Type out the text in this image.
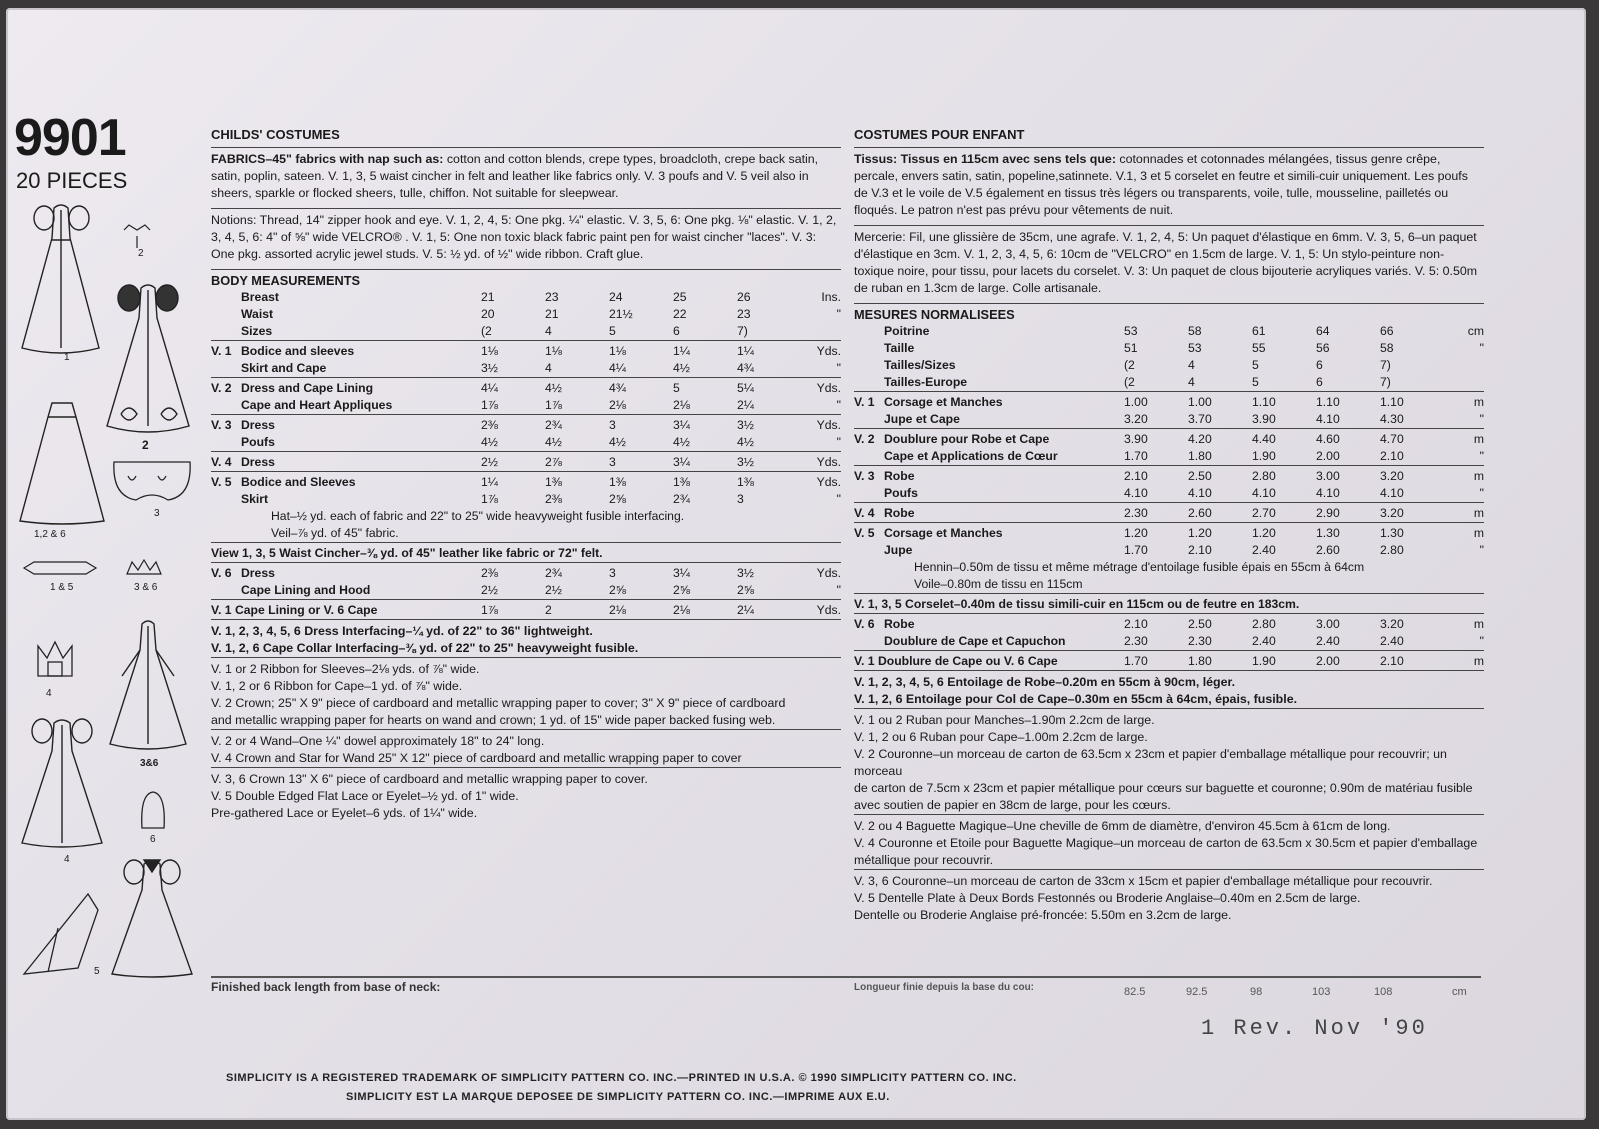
9901
20 PIECES
1
2
2
1,2 & 6
3
1 & 5	3 & 6
4
3&6
6
4
5
CHILDS' COSTUMES
FABRICS–45" fabrics with nap such as: cotton and cotton blends, crepe types, broadcloth, crepe back satin, satin, poplin, sateen. V. 1, 3, 5 waist cincher in felt and leather like fabrics only. V. 3 poufs and V. 5 veil also in sheers, sparkle or flocked sheers, tulle, chiffon. Not suitable for sleepwear.
Notions: Thread, 14" zipper hook and eye. V. 1, 2, 4, 5: One pkg. ¼" elastic. V. 3, 5, 6: One pkg. ⅛" elastic. V. 1, 2, 3, 4, 5, 6: 4" of ⅝" wide VELCRO® . V. 1, 5: One non toxic black fabric paint pen for waist cincher "laces". V. 3: One pkg. assorted acrylic jewel studs. V. 5: ½ yd. of ½" wide ribbon. Craft glue.
BODY MEASUREMENTS
	Breast	21	23	24	25	26	Ins.
	Waist	20	21	21½	22	23	"
	Sizes	(2	4	5	6	7)	
V. 1	Bodice and sleeves	1⅛	1⅛	1⅛	1¼	1¼	Yds.
	Skirt and Cape	3½	4	4¼	4½	4¾	"
V. 2	Dress and Cape Lining	4¼	4½	4¾	5	5¼	Yds.
	Cape and Heart Appliques	1⅞	1⅞	2⅛	2⅛	2¼	"
V. 3	Dress	2⅜	2¾	3	3¼	3½	Yds.
	Poufs	4½	4½	4½	4½	4½	"
V. 4	Dress	2½	2⅞	3	3¼	3½	Yds.
V. 5	Bodice and Sleeves	1¼	1⅜	1⅜	1⅜	1⅜	Yds.
	Skirt	1⅞	2⅜	2⅝	2¾	3	"
	Hat–½ yd. each of fabric and 22" to 25" wide heavyweight fusible interfacing.						
	Veil–⅞ yd. of 45" fabric.						
View 1, 3, 5 Waist Cincher–⅜ yd. of 45" leather like fabric or 72" felt.							
V. 6	Dress	2⅜	2¾	3	3¼	3½	Yds.
	Cape Lining and Hood	2½	2½	2⅝	2⅝	2⅝	"
V. 1 Cape Lining or V. 6 Cape		1⅞	2	2⅛	2⅛	2¼	Yds.
V. 1, 2, 3, 4, 5, 6 Dress Interfacing–¼ yd. of 22" to 36" lightweight.
V. 1, 2, 6 Cape Collar Interfacing–⅜ yd. of 22" to 25" heavyweight fusible.
V. 1 or 2 Ribbon for Sleeves–2⅛ yds. of ⅞" wide.
V. 1, 2 or 6 Ribbon for Cape–1 yd. of ⅞" wide.
V. 2 Crown; 25" X 9" piece of cardboard and metallic wrapping paper to cover; 3" X 9" piece of cardboard
and metallic wrapping paper for hearts on wand and crown; 1 yd. of 15" wide paper backed fusing web.
V. 2 or 4 Wand–One ¼" dowel approximately 18" to 24" long.
V. 4 Crown and Star for Wand 25" X 12" piece of cardboard and metallic wrapping paper to cover
V. 3, 6 Crown 13" X 6" piece of cardboard and metallic wrapping paper to cover.
V. 5 Double Edged Flat Lace or Eyelet–½ yd. of 1" wide.
Pre-gathered Lace or Eyelet–6 yds. of 1¼" wide.
COSTUMES POUR ENFANT
Tissus: Tissus en 115cm avec sens tels que: cotonnades et cotonnades mélangées, tissus genre crêpe, percale, envers satin, satin, popeline,satinnete. V.1, 3 et 5 corselet en feutre et simili-cuir uniquement. Les poufs de V.3 et le voile de V.5 également en tissus très légers ou transparents, voile, tulle, mousseline, pailletés ou floqués. Le patron n'est pas prévu pour vêtements de nuit.
Mercerie: Fil, une glissière de 35cm, une agrafe. V. 1, 2, 4, 5: Un paquet d'élastique en 6mm. V. 3, 5, 6–un paquet d'élastique en 3cm. V. 1, 2, 3, 4, 5, 6: 10cm de "VELCRO" en 1.5cm de large. V. 1, 5: Un stylo-peinture non-toxique noire, pour tissu, pour lacets du corselet. V. 3: Un paquet de clous bijouterie acryliques variés. V. 5: 0.50m de ruban en 1.3cm de large. Colle artisanale.
MESURES NORMALISEES
	Poitrine	53	58	61	64	66	cm
	Taille	51	53	55	56	58	"
	Tailles/Sizes	(2	4	5	6	7)	
	Tailles-Europe	(2	4	5	6	7)	
V. 1	Corsage et Manches	1.00	1.00	1.10	1.10	1.10	m
	Jupe et Cape	3.20	3.70	3.90	4.10	4.30	"
V. 2	Doublure pour Robe et Cape	3.90	4.20	4.40	4.60	4.70	m
	Cape et Applications de Cœur	1.70	1.80	1.90	2.00	2.10	"
V. 3	Robe	2.10	2.50	2.80	3.00	3.20	m
	Poufs	4.10	4.10	4.10	4.10	4.10	"
V. 4	Robe	2.30	2.60	2.70	2.90	3.20	m
V. 5	Corsage et Manches	1.20	1.20	1.20	1.30	1.30	m
	Jupe	1.70	2.10	2.40	2.60	2.80	"
	Hennin–0.50m de tissu et même métrage d'entoilage fusible épais en 55cm à 64cm						
	Voile–0.80m de tissu en 115cm						
V. 1, 3, 5 Corselet–0.40m de tissu simili-cuir en 115cm ou de feutre en 183cm.							
V. 6	Robe	2.10	2.50	2.80	3.00	3.20	m
	Doublure de Cape et Capuchon	2.30	2.30	2.40	2.40	2.40	"
V. 1 Doublure de Cape ou V. 6 Cape		1.70	1.80	1.90	2.00	2.10	m
V. 1, 2, 3, 4, 5, 6 Entoilage de Robe–0.20m en 55cm à 90cm, léger.
V. 1, 2, 6 Entoilage pour Col de Cape–0.30m en 55cm à 64cm, épais, fusible.
V. 1 ou 2 Ruban pour Manches–1.90m 2.2cm de large.
V. 1, 2 ou 6 Ruban pour Cape–1.00m 2.2cm de large.
V. 2 Couronne–un morceau de carton de 63.5cm x 23cm et papier d'emballage métallique pour recouvrir; un morceau
de carton de 7.5cm x 23cm et papier métallique pour cœurs sur baguette et couronne; 0.90m de matériau fusible
avec soutien de papier en 38cm de large, pour les cœurs.
V. 2 ou 4 Baguette Magique–Une cheville de 6mm de diamètre, d'environ 45.5cm à 61cm de long.
V. 4 Couronne et Etoile pour Baguette Magique–un morceau de carton de 63.5cm x 30.5cm et papier d'emballage
métallique pour recouvrir.
V. 3, 6 Couronne–un morceau de carton de 33cm x 15cm et papier d'emballage métallique pour recouvrir.
V. 5 Dentelle Plate à Deux Bords Festonnés ou Broderie Anglaise–0.40m en 2.5cm de large.
Dentelle ou Broderie Anglaise pré-froncée: 5.50m en 3.2cm de large.
Finished back length from base of neck:	Longueur finie depuis la base du cou:	82.5	92.5	98	103	108	cm
1 Rev. Nov '90
SIMPLICITY IS A REGISTERED TRADEMARK OF SIMPLICITY PATTERN CO. INC.—PRINTED IN U.S.A. © 1990 SIMPLICITY PATTERN CO. INC.
SIMPLICITY EST LA MARQUE DEPOSEE DE SIMPLICITY PATTERN CO. INC.—IMPRIME AUX E.U.
